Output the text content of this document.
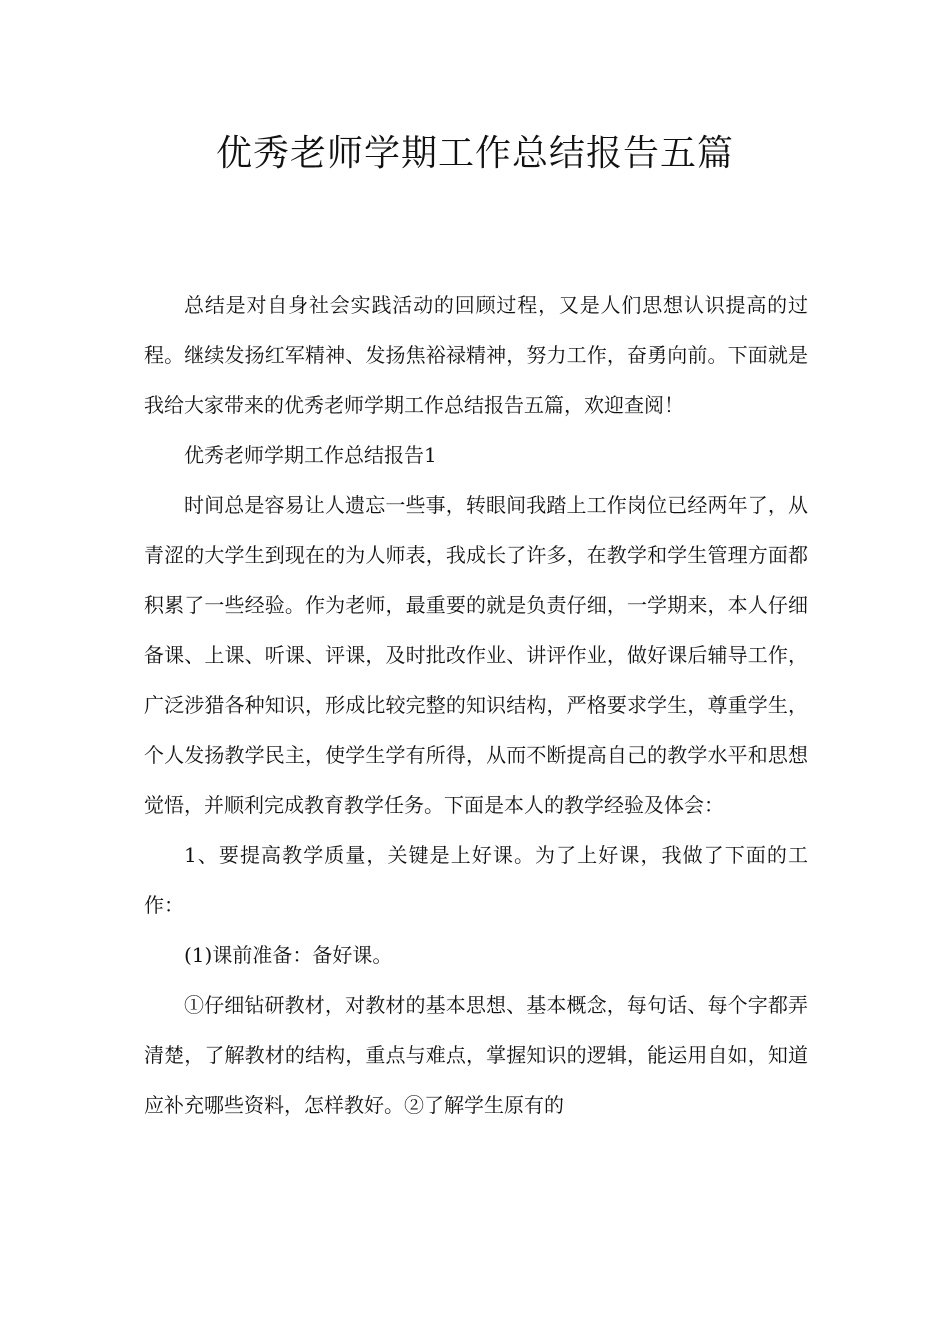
优秀老师学期工作总结报告五篇

总结是对自身社会实践活动的回顾过程，又是人们思想认识提高的过程。继续发扬红军精神、发扬焦裕禄精神，努力工作，奋勇向前。下面就是我给大家带来的优秀老师学期工作总结报告五篇，欢迎查阅！

优秀老师学期工作总结报告1

时间总是容易让人遗忘一些事，转眼间我踏上工作岗位已经两年了，从青涩的大学生到现在的为人师表，我成长了许多，在教学和学生管理方面都积累了一些经验。作为老师，最重要的就是负责仔细，一学期来，本人仔细备课、上课、听课、评课，及时批改作业、讲评作业，做好课后辅导工作，广泛涉猎各种知识，形成比较完整的知识结构，严格要求学生，尊重学生，个人发扬教学民主，使学生学有所得，从而不断提高自己的教学水平和思想觉悟，并顺利完成教育教学任务。下面是本人的教学经验及体会：

1、要提高教学质量，关键是上好课。为了上好课，我做了下面的工作：

(1)课前准备：备好课。

①仔细钻研教材，对教材的基本思想、基本概念，每句话、每个字都弄清楚，了解教材的结构，重点与难点，掌握知识的逻辑，能运用自如，知道应补充哪些资料，怎样教好。②了解学生原有的
